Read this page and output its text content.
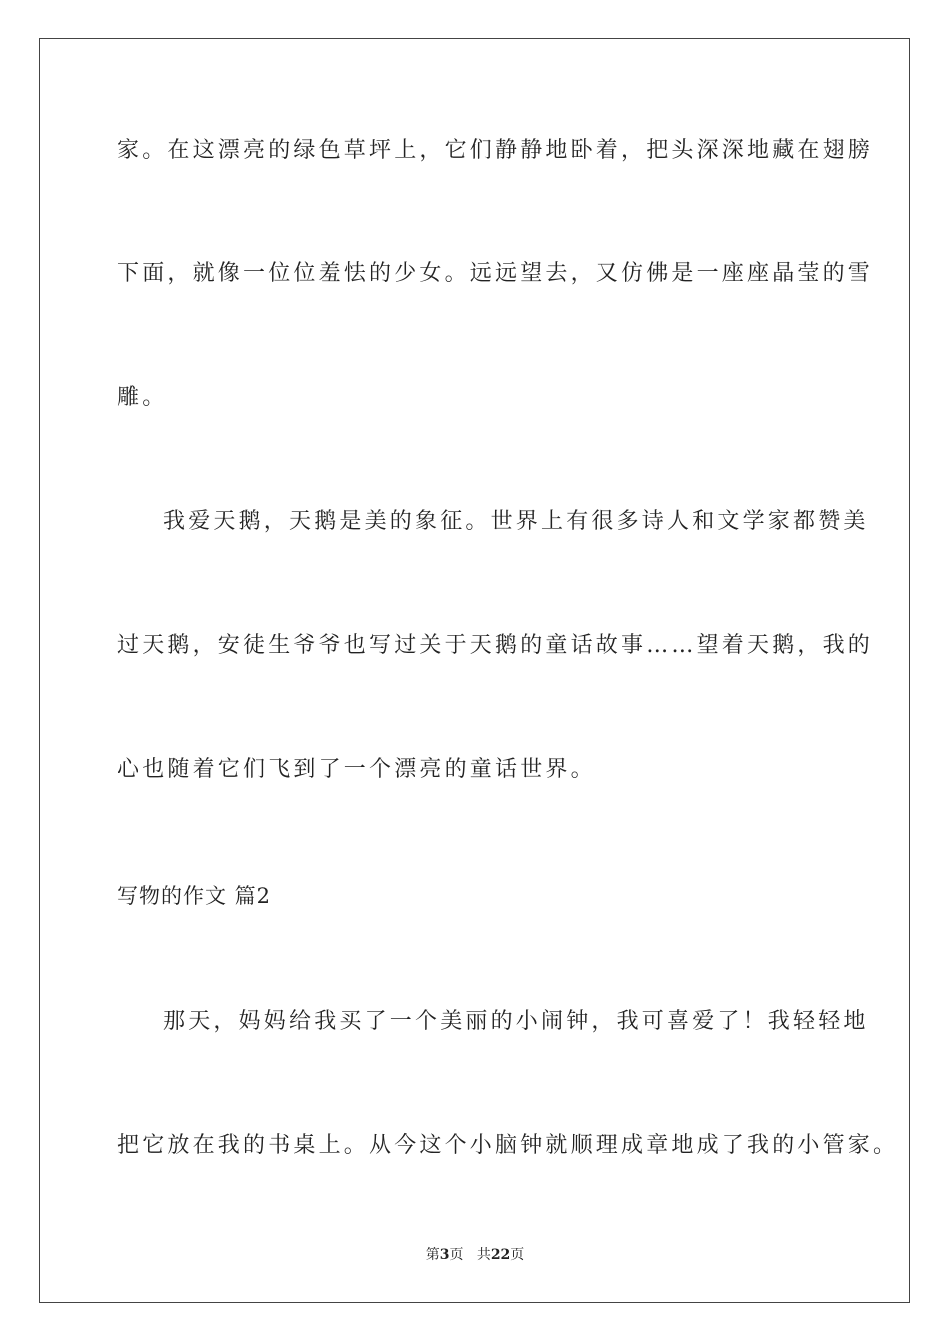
家。在这漂亮的绿色草坪上，它们静静地卧着，把头深深地藏在翅膀
下面，就像一位位羞怯的少女。远远望去，又仿佛是一座座晶莹的雪
雕。
我爱天鹅，天鹅是美的象征。世界上有很多诗人和文学家都赞美
过天鹅，安徒生爷爷也写过关于天鹅的童话故事……望着天鹅，我的
心也随着它们飞到了一个漂亮的童话世界。
写物的作文 篇2
那天，妈妈给我买了一个美丽的小闹钟，我可喜爱了！我轻轻地
把它放在我的书桌上。从今这个小脑钟就顺理成章地成了我的小管家。
第3页 共22页
